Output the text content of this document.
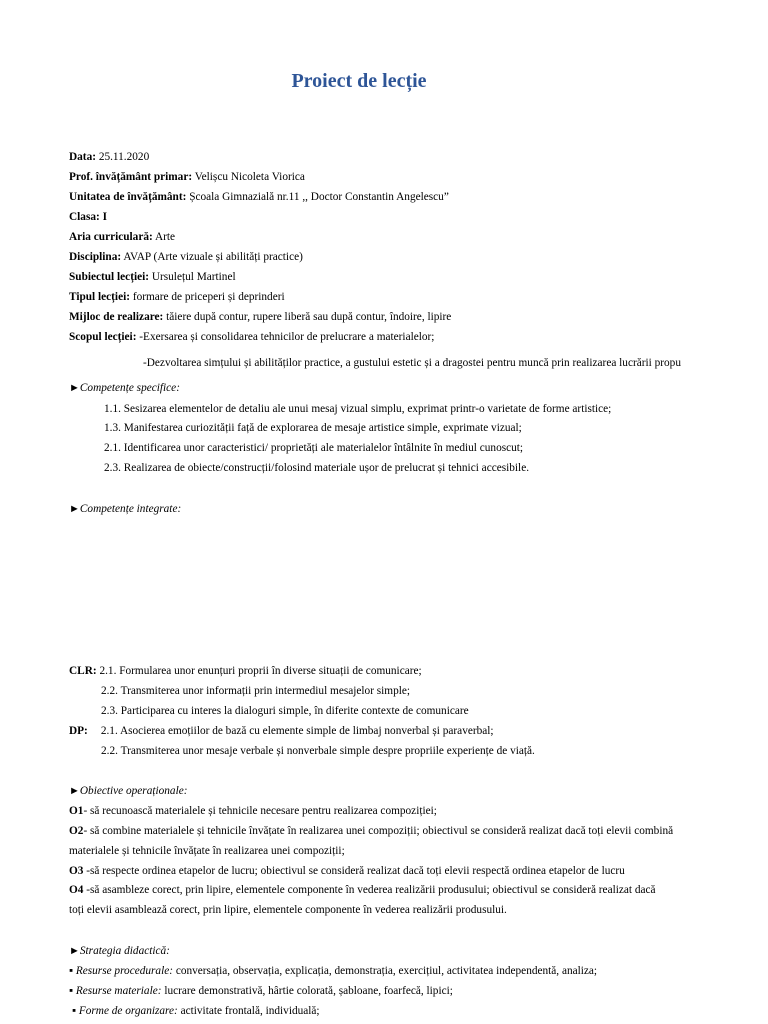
Proiect de lecție
Data: 25.11.2020
Prof. învățământ primar: Velișcu Nicoleta Viorica
Unitatea de învățământ: Școala Gimnazială nr.11 ,, Doctor Constantin Angelescu”
Clasa: I
Aria curriculară: Arte
Disciplina: AVAP (Arte vizuale și abilități practice)
Subiectul lecției: Ursulețul Martinel
Tipul lecției: formare de priceperi și deprinderi
Mijloc de realizare: tăiere după contur, rupere liberă sau după contur, îndoire, lipire
Scopul lecției: -Exersarea și consolidarea tehnicilor de prelucrare a materialelor;
-Dezvoltarea simțului și abilităților practice, a gustului estetic și a dragostei pentru muncă prin realizarea lucrării propu
►Competențe specifice:
1.1. Sesizarea elementelor de detaliu ale unui mesaj vizual simplu, exprimat printr-o varietate de forme artistice;
1.3. Manifestarea curiozității față de explorarea de mesaje artistice simple, exprimate vizual;
2.1. Identificarea unor caracteristici/ proprietăți ale materialelor întâlnite în mediul cunoscut;
2.3. Realizarea de obiecte/construcții/folosind materiale ușor de prelucrat și tehnici accesibile.
►Competențe integrate:
CLR: 2.1. Formularea unor enunțuri proprii în diverse situații de comunicare;
2.2. Transmiterea unor informații prin intermediul mesajelor simple;
2.3. Participarea cu interes la dialoguri simple, în diferite contexte de comunicare
DP: 2.1. Asocierea emoțiilor de bază cu elemente simple de limbaj nonverbal și paraverbal;
2.2. Transmiterea unor mesaje verbale și nonverbale simple despre propriile experiențe de viață.
►Obiective operaționale:
O1- să recunoască materialele și tehnicile necesare pentru realizarea compoziției;
O2- să combine materialele și tehnicile învățate în realizarea unei compoziții; obiectivul se consideră realizat dacă toți elevii combină
materialele și tehnicile învățate în realizarea unei compoziții;
O3 -să respecte ordinea etapelor de lucru; obiectivul se consideră realizat dacă toți elevii respectă ordinea etapelor de lucru
O4 -să asambleze corect, prin lipire, elementele componente în vederea realizării produsului; obiectivul se consideră realizat dacă
toți elevii asamblează corect, prin lipire, elementele componente în vederea realizării produsului.
►Strategia didactică:
▪ Resurse procedurale: conversația, observația, explicația, demonstrația, exercițiul, activitatea independentă, analiza;
▪ Resurse materiale: lucrare demonstrativă, hârtie colorată, șabloane, foarfecă, lipici;
▪ Forme de organizare: activitate frontală, individuală;
